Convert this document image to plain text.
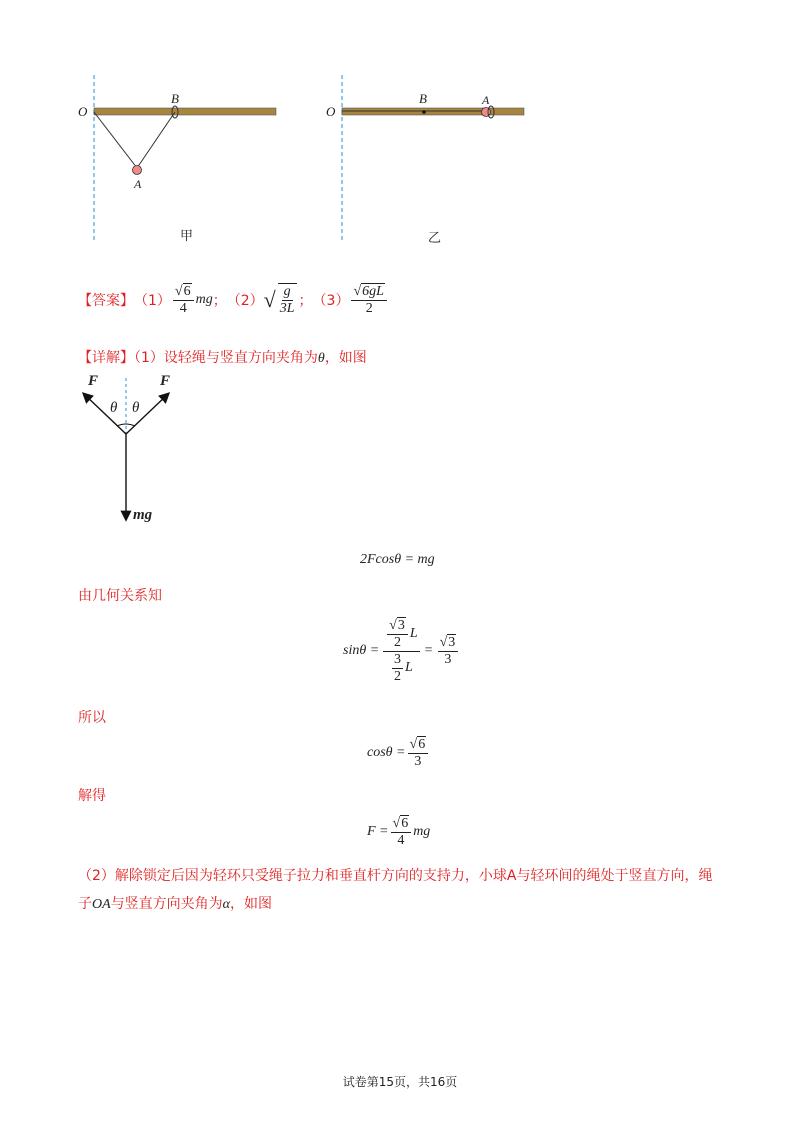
O
B
A
甲
O
B	A
乙
【答案】 $(1) \frac{√6}{4}$ mg ； （2） √ $\frac{g}{3L}$ ； $(3) \frac{√6gL}{2}$
【详解】（1）设轻绳与竖直方向夹角为θ，如图
F	F
θ θ
mg
2Fcosθ = mg
由几何关系知
$\sin\theta = \frac{\frac{√3}{2} L}{\frac{3}{2} L} = \frac{√3}{3}$
所以
$\cos\theta = \frac{√6}{3}$
解得
$F = \frac{√6}{4}$ mg
（2）解除锁定后因为轻环只受绳子拉力和垂直杆方向的支持力，小球A与轻环间的绳处于竖直方向，绳
子OA与竖直方向夹角为α，如图
试卷第15页，共16页
